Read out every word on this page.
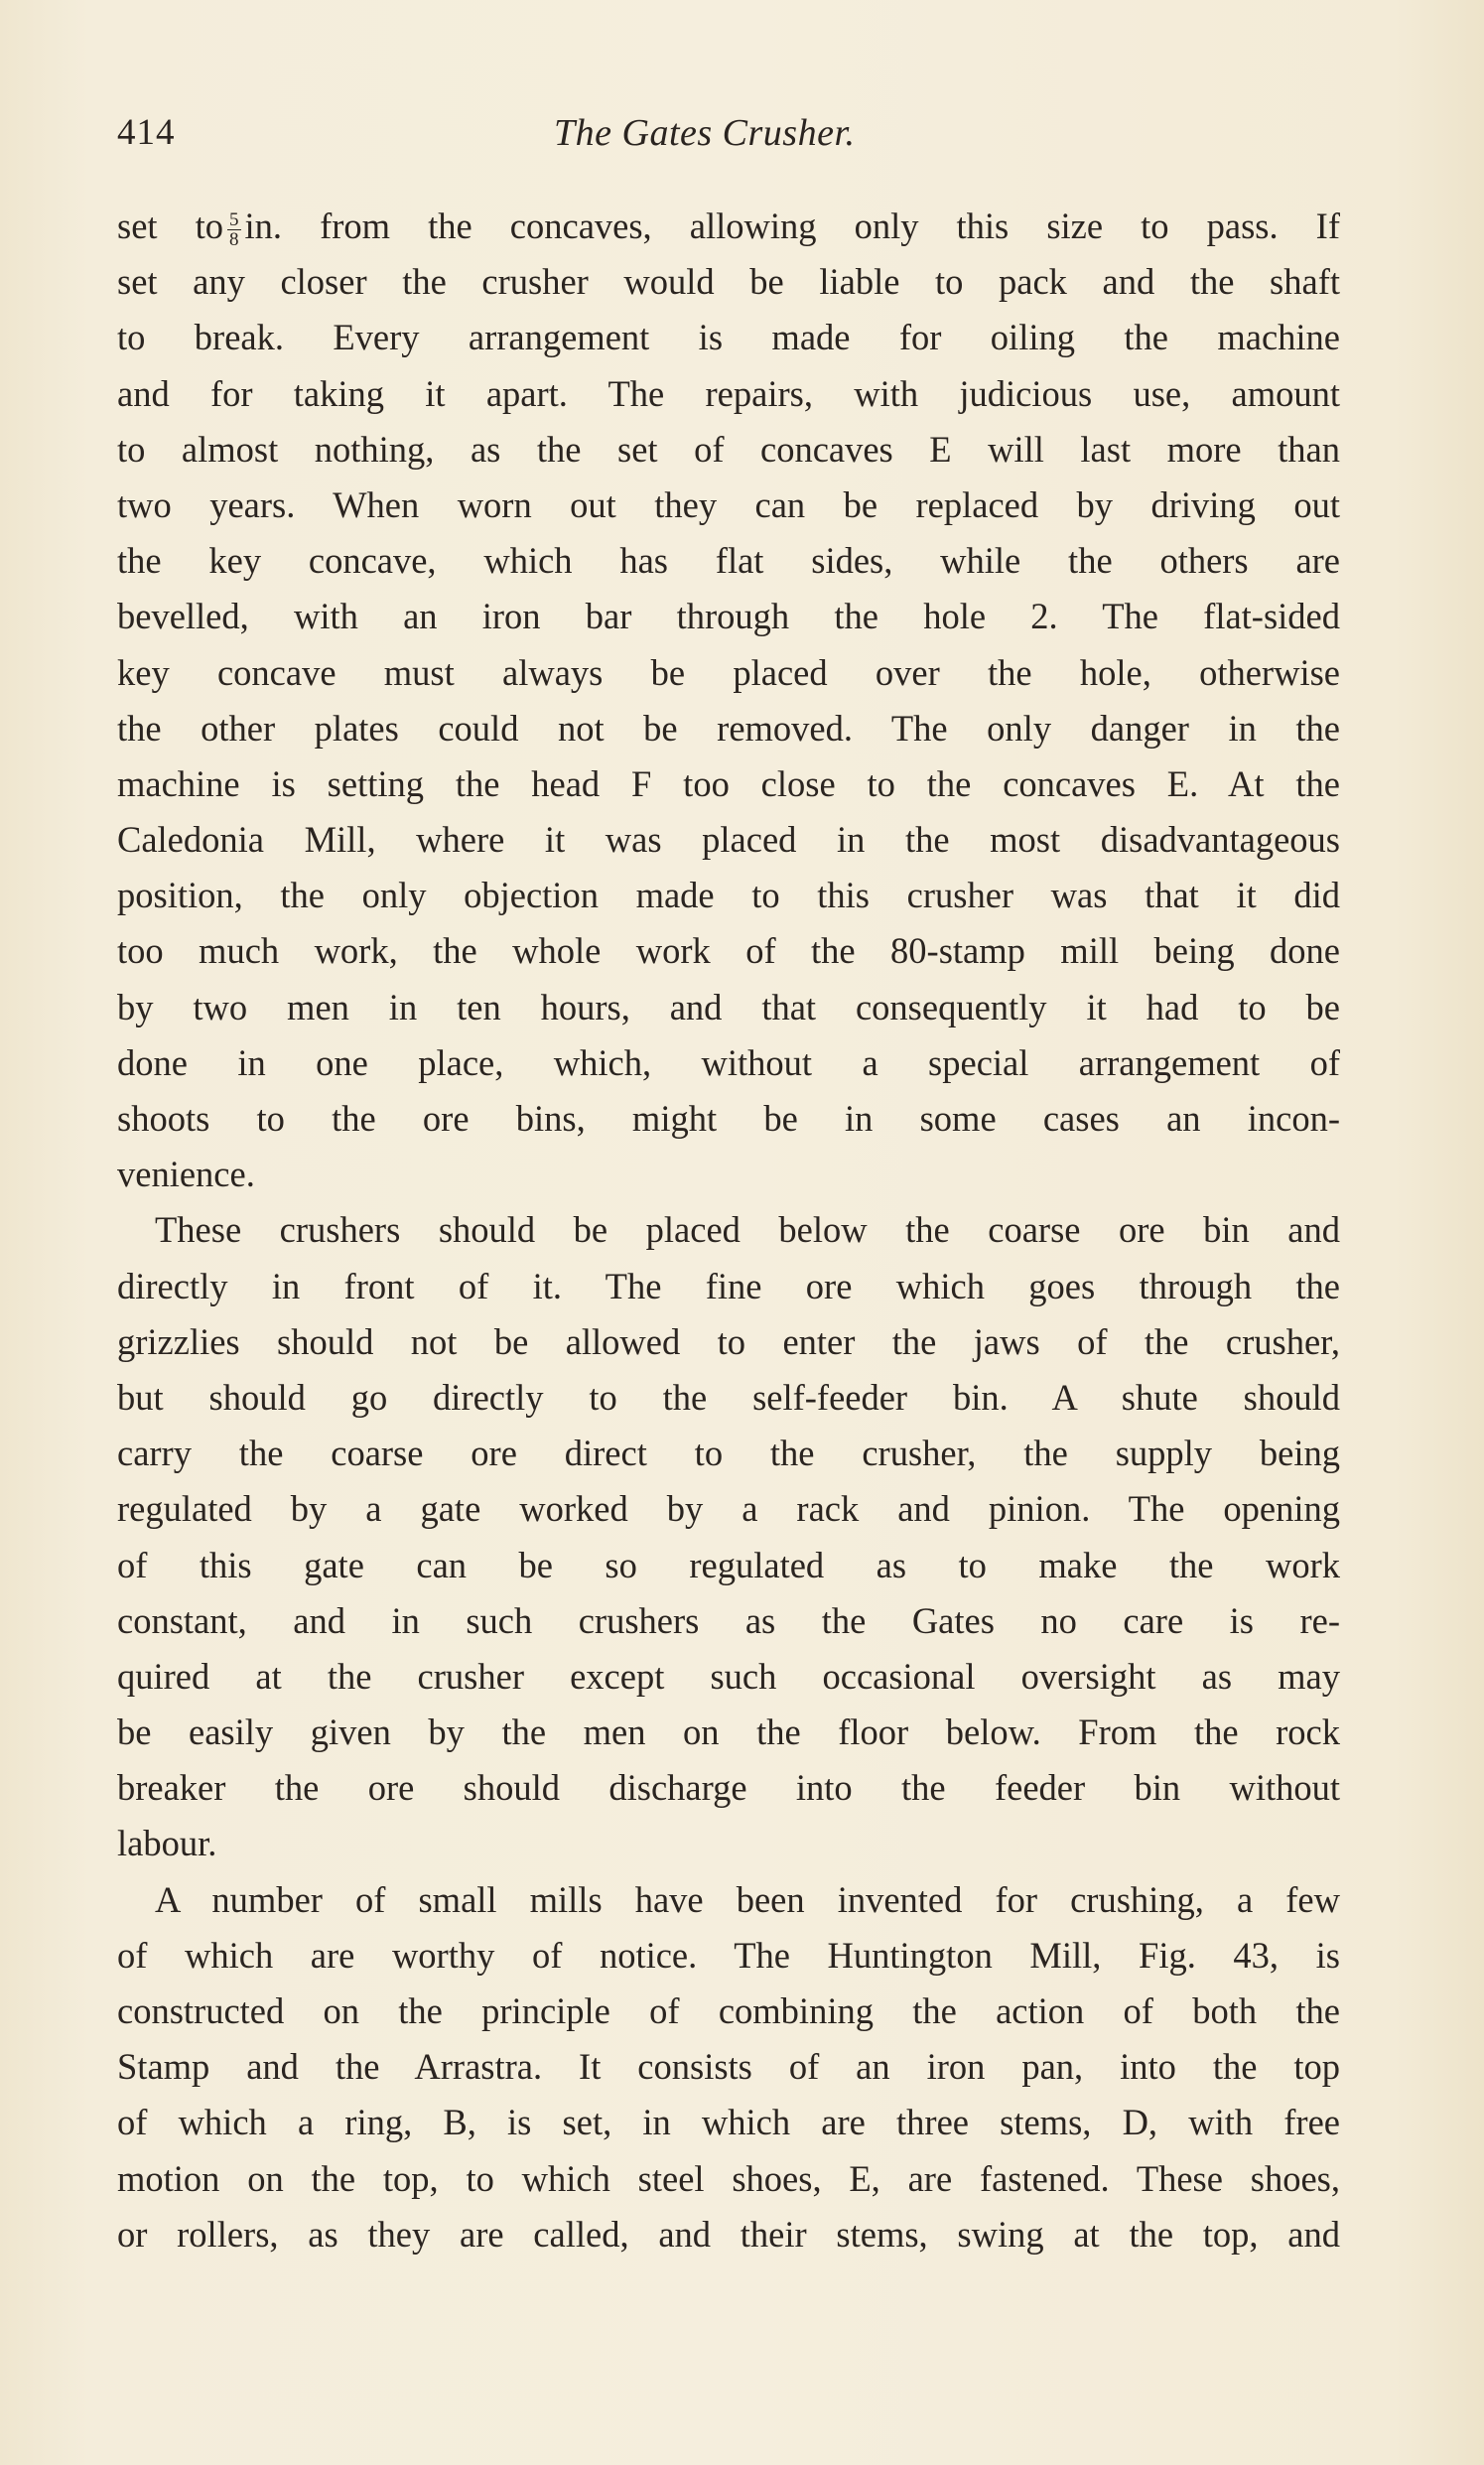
414	The Gates Crusher.
set to $\frac{5}{8}$ in. from the concaves, allowing only this size to pass. If
set any closer the crusher would be liable to pack and the shaft
to break. Every arrangement is made for oiling the machine
and for taking it apart. The repairs, with judicious use, amount
to almost nothing, as the set of concaves E will last more than
two years. When worn out they can be replaced by driving out
the key concave, which has flat sides, while the others are
bevelled, with an iron bar through the hole 2. The flat-sided
key concave must always be placed over the hole, otherwise
the other plates could not be removed. The only danger in the
machine is setting the head F too close to the concaves E. At the
Caledonia Mill, where it was placed in the most disadvantageous
position, the only objection made to this crusher was that it did
too much work, the whole work of the 80-stamp mill being done
by two men in ten hours, and that consequently it had to be
done in one place, which, without a special arrangement of
shoots to the ore bins, might be in some cases an incon-
venience.
These crushers should be placed below the coarse ore bin and
directly in front of it. The fine ore which goes through the
grizzlies should not be allowed to enter the jaws of the crusher,
but should go directly to the self-feeder bin. A shute should
carry the coarse ore direct to the crusher, the supply being
regulated by a gate worked by a rack and pinion. The opening
of this gate can be so regulated as to make the work
constant, and in such crushers as the Gates no care is re-
quired at the crusher except such occasional oversight as may
be easily given by the men on the floor below. From the rock
breaker the ore should discharge into the feeder bin without
labour.
A number of small mills have been invented for crushing, a few
of which are worthy of notice. The Huntington Mill, Fig. 43, is
constructed on the principle of combining the action of both the
Stamp and the Arrastra. It consists of an iron pan, into the top
of which a ring, B, is set, in which are three stems, D, with free
motion on the top, to which steel shoes, E, are fastened. These shoes,
or rollers, as they are called, and their stems, swing at the top, and
